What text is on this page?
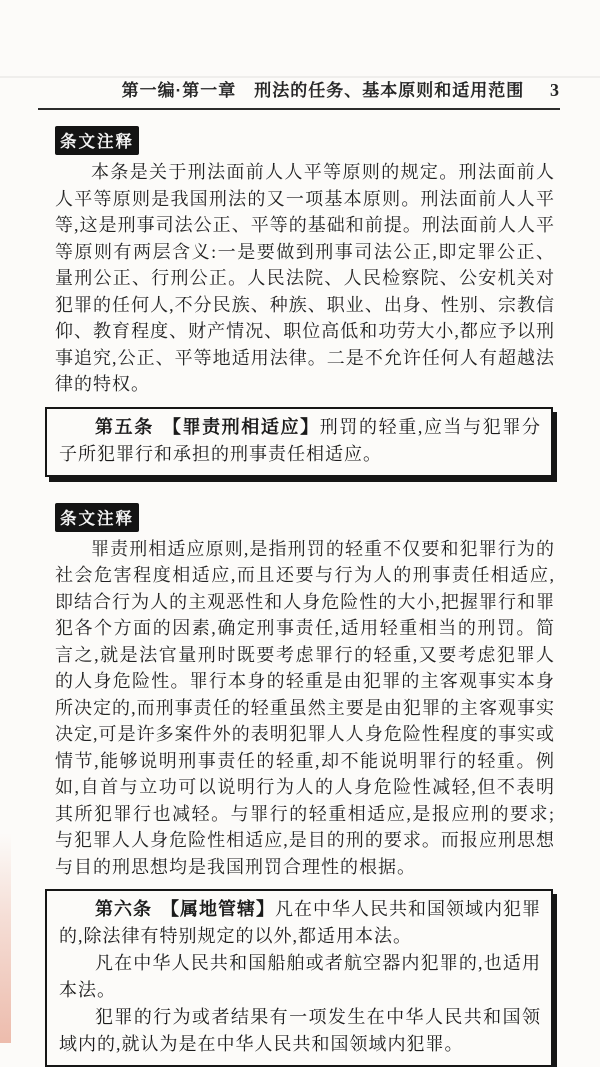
第一编·第一章　刑法的任务、基本原则和适用范围 3
条文注释

本条是关于刑法面前人人平等原则的规定。刑法面前人人平等原则是我国刑法的又一项基本原则。刑法面前人人平等,这是刑事司法公正、平等的基础和前提。刑法面前人人平等原则有两层含义:一是要做到刑事司法公正,即定罪公正、量刑公正、行刑公正。人民法院、人民检察院、公安机关对犯罪的任何人,不分民族、种族、职业、出身、性别、宗教信仰、教育程度、财产情况、职位高低和功劳大小,都应予以刑事追究,公正、平等地适用法律。二是不允许任何人有超越法律的特权。

第五条 【罪责刑相适应】刑罚的轻重,应当与犯罪分子所犯罪行和承担的刑事责任相适应。

条文注释

罪责刑相适应原则,是指刑罚的轻重不仅要和犯罪行为的社会危害程度相适应,而且还要与行为人的刑事责任相适应,即结合行为人的主观恶性和人身危险性的大小,把握罪行和罪犯各个方面的因素,确定刑事责任,适用轻重相当的刑罚。简言之,就是法官量刑时既要考虑罪行的轻重,又要考虑犯罪人的人身危险性。罪行本身的轻重是由犯罪的主客观事实本身所决定的,而刑事责任的轻重虽然主要是由犯罪的主客观事实决定,可是许多案件外的表明犯罪人人身危险性程度的事实或情节,能够说明刑事责任的轻重,却不能说明罪行的轻重。例如,自首与立功可以说明行为人的人身危险性减轻,但不表明其所犯罪行也减轻。与罪行的轻重相适应,是报应刑的要求;与犯罪人人身危险性相适应,是目的刑的要求。而报应刑思想与目的刑思想均是我国刑罚合理性的根据。

第六条 【属地管辖】凡在中华人民共和国领域内犯罪的,除法律有特别规定的以外,都适用本法。

凡在中华人民共和国船舶或者航空器内犯罪的,也适用本法。

犯罪的行为或者结果有一项发生在中华人民共和国领域内的,就认为是在中华人民共和国领域内犯罪。
